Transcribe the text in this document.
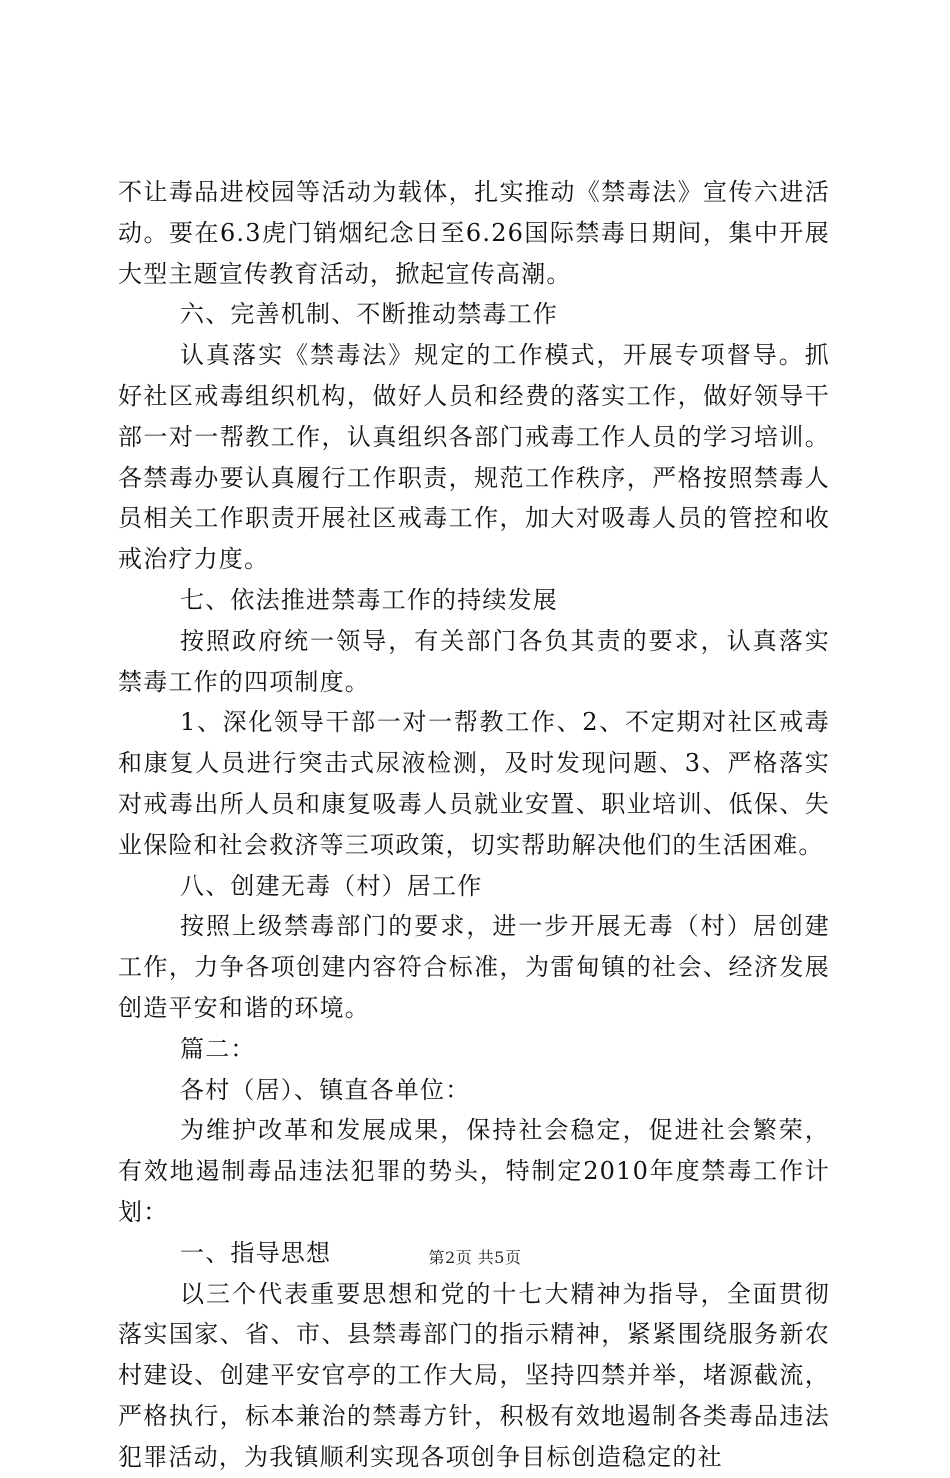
不让毒品进校园等活动为载体，扎实推动《禁毒法》宣传六进活动。要在6.3虎门销烟纪念日至6.26国际禁毒日期间，集中开展大型主题宣传教育活动，掀起宣传高潮。

六、完善机制、不断推动禁毒工作

认真落实《禁毒法》规定的工作模式，开展专项督导。抓好社区戒毒组织机构，做好人员和经费的落实工作，做好领导干部一对一帮教工作，认真组织各部门戒毒工作人员的学习培训。各禁毒办要认真履行工作职责，规范工作秩序，严格按照禁毒人员相关工作职责开展社区戒毒工作，加大对吸毒人员的管控和收戒治疗力度。

七、依法推进禁毒工作的持续发展

按照政府统一领导，有关部门各负其责的要求，认真落实禁毒工作的四项制度。

1、深化领导干部一对一帮教工作、2、不定期对社区戒毒和康复人员进行突击式尿液检测，及时发现问题、3、严格落实对戒毒出所人员和康复吸毒人员就业安置、职业培训、低保、失业保险和社会救济等三项政策，切实帮助解决他们的生活困难。

八、创建无毒（村）居工作

按照上级禁毒部门的要求，进一步开展无毒（村）居创建工作，力争各项创建内容符合标准，为雷甸镇的社会、经济发展创造平安和谐的环境。

篇二：

各村（居）、镇直各单位：

为维护改革和发展成果，保持社会稳定，促进社会繁荣，有效地遏制毒品违法犯罪的势头，特制定2010年度禁毒工作计划：

一、指导思想

以三个代表重要思想和党的十七大精神为指导，全面贯彻落实国家、省、市、县禁毒部门的指示精神，紧紧围绕服务新农村建设、创建平安官亭的工作大局，坚持四禁并举，堵源截流，严格执行，标本兼治的禁毒方针，积极有效地遏制各类毒品违法犯罪活动，为我镇顺利实现各项创争目标创造稳定的社

第2页 共5页
